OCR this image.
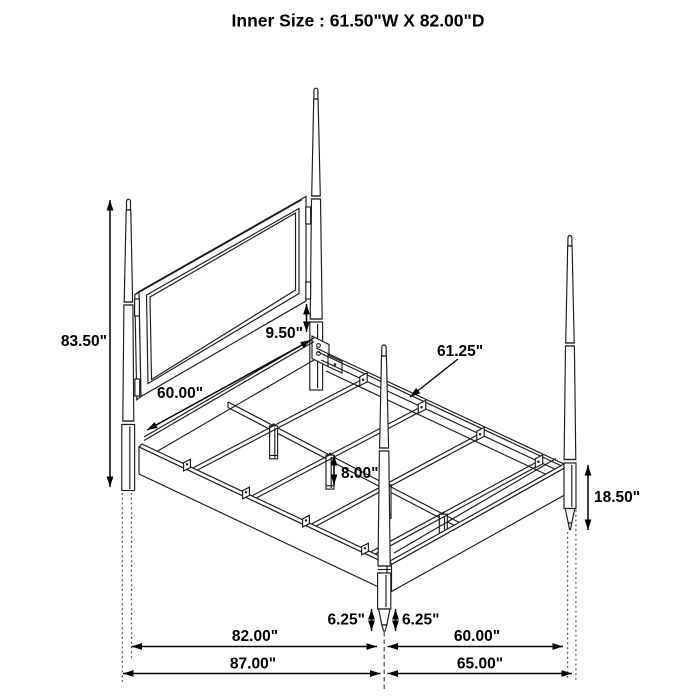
83.50"	9.50"
60.00"
61.25"
8.00"
18.50"
6.25" 6.25"
82.00"	60.00"
87.00"	65.00"
Inner Size : 61.50"W X 82.00"D
